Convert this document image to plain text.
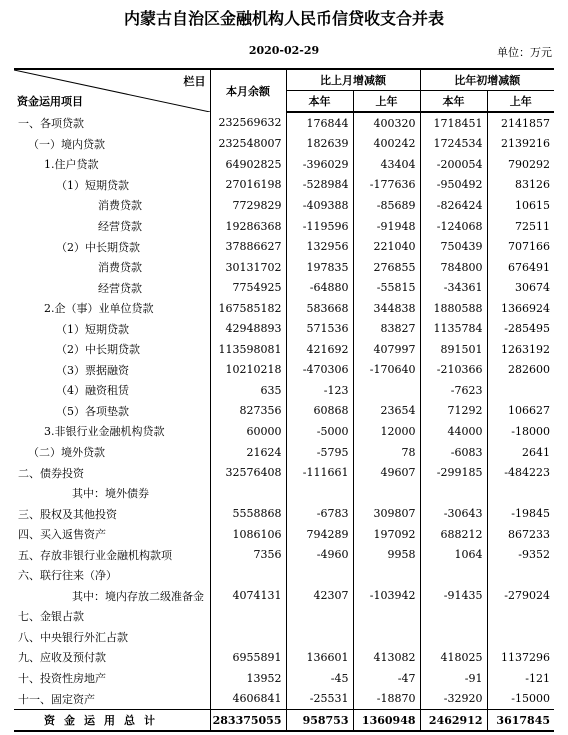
内蒙古自治区金融机构人民币信贷收支合并表
2020-02-29	单位：万元
栏目
资金运用项目	本月余额	比上月增减额		比年初增减额	
		本年	上年	本年	上年
一、各项贷款	232569632	176844	400320	1718451	2141857
（一）境内贷款	232548007	182639	400242	1724534	2139216
1.住户贷款	64902825	-396029	43404	-200054	790292
（1）短期贷款	27016198	-528984	-177636	-950492	83126
消费贷款	7729829	-409388	-85689	-826424	10615
经营贷款	19286368	-119596	-91948	-124068	72511
（2）中长期贷款	37886627	132956	221040	750439	707166
消费贷款	30131702	197835	276855	784800	676491
经营贷款	7754925	-64880	-55815	-34361	30674
2.企（事）业单位贷款	167585182	583668	344838	1880588	1366924
（1）短期贷款	42948893	571536	83827	1135784	-285495
（2）中长期贷款	113598081	421692	407997	891501	1263192
（3）票据融资	10210218	-470306	-170640	-210366	282600
（4）融资租赁	635	-123		-7623	
（5）各项垫款	827356	60868	23654	71292	106627
3.非银行业金融机构贷款	60000	-5000	12000	44000	-18000
（二）境外贷款	21624	-5795	78	-6083	2641
二、债券投资	32576408	-111661	49607	-299185	-484223
其中：境外债券					
三、股权及其他投资	5558868	-6783	309807	-30643	-19845
四、买入返售资产	1086106	794289	197092	688212	867233
五、存放非银行业金融机构款项	7356	-4960	9958	1064	-9352
六、联行往来（净）					
其中：境内存放二级准备金	4074131	42307	-103942	-91435	-279024
七、金银占款					
八、中央银行外汇占款					
九、应收及预付款	6955891	136601	413082	418025	1137296
十、投资性房地产	13952	-45	-47	-91	-121
十一、固定资产	4606841	-25531	-18870	-32920	-15000
资金运用总计	283375055	958753	1360948	2462912	3617845
